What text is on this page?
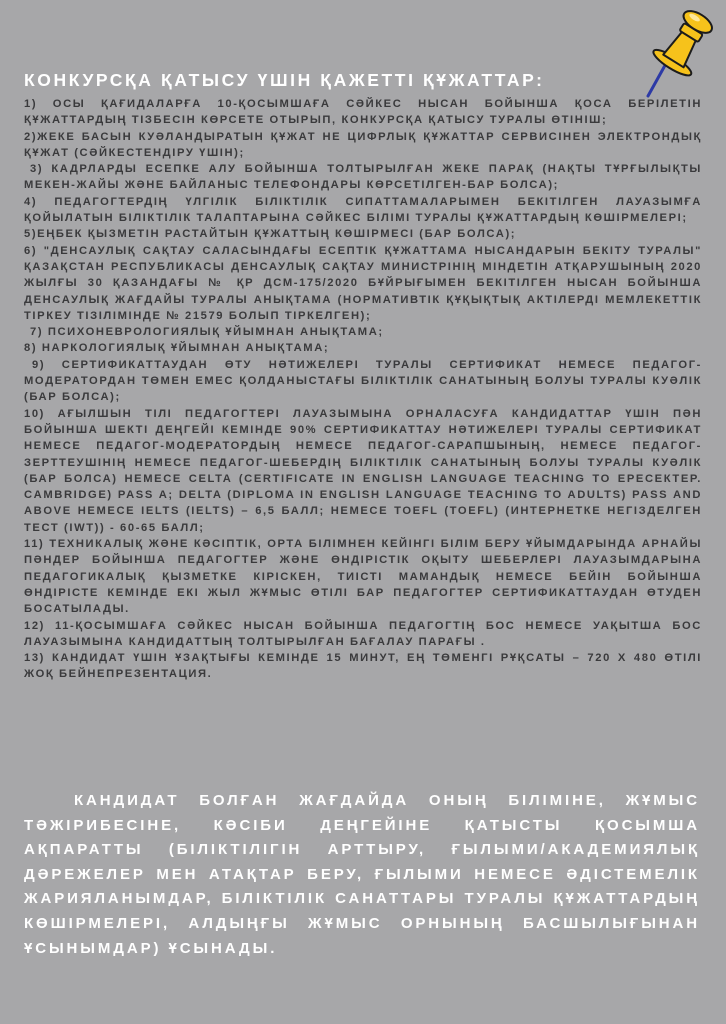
КОНКУРСҚА ҚАТЫСУ ҮШІН ҚАЖЕТТІ ҚҰЖАТТАР:

1) ОСЫ ҚАҒИДАЛАРҒА 10-ҚОСЫМШАҒА СӘЙКЕС НЫСАН БОЙЫНША ҚОСА БЕРІЛЕТІН ҚҰЖАТТАРДЫҢ ТІЗБЕСІН КӨРСЕТЕ ОТЫРЫП, КОНКУРСҚА ҚАТЫСУ ТУРАЛЫ ӨТІНІШ;

2)ЖЕКЕ БАСЫН КУӘЛАНДЫРАТЫН ҚҰЖАТ НЕ ЦИФРЛЫҚ ҚҰЖАТТАР СЕРВИСІНЕН ЭЛЕКТРОНДЫҚ ҚҰЖАТ (СӘЙКЕСТЕНДІРУ ҮШІН);

3) КАДРЛАРДЫ ЕСЕПКЕ АЛУ БОЙЫНША ТОЛТЫРЫЛҒАН ЖЕКЕ ПАРАҚ (НАҚТЫ ТҰРҒЫЛЫҚТЫ МЕКЕН-ЖАЙЫ ЖӘНЕ БАЙЛАНЫС ТЕЛЕФОНДАРЫ КӨРСЕТІЛГЕН-БАР БОЛСА);

4) ПЕДАГОГТЕРДІҢ ҮЛГІЛІК БІЛІКТІЛІК СИПАТТАМАЛАРЫМЕН БЕКІТІЛГЕН ЛАУАЗЫМҒА ҚОЙЫЛАТЫН БІЛІКТІЛІК ТАЛАПТАРЫНА СӘЙКЕС БІЛІМІ ТУРАЛЫ ҚҰЖАТТАРДЫҢ КӨШІРМЕЛЕРІ;

5)ЕҢБЕК ҚЫЗМЕТІН РАСТАЙТЫН ҚҰЖАТТЫҢ КӨШІРМЕСІ (БАР БОЛСА);

6) "ДЕНСАУЛЫҚ САҚТАУ САЛАСЫНДАҒЫ ЕСЕПТІК ҚҰЖАТТАМА НЫСАНДАРЫН БЕКІТУ ТУРАЛЫ" ҚАЗАҚСТАН РЕСПУБЛИКАСЫ ДЕНСАУЛЫҚ САҚТАУ МИНИСТРІНІҢ МІНДЕТІН АТҚАРУШЫНЫҢ 2020 ЖЫЛҒЫ 30 ҚАЗАНДАҒЫ № ҚР ДСМ-175/2020 БҰЙРЫҒЫМЕН БЕКІТІЛГЕН НЫСАН БОЙЫНША ДЕНСАУЛЫҚ ЖАҒДАЙЫ ТУРАЛЫ АНЫҚТАМА (НОРМАТИВТІК ҚҰҚЫҚТЫҚ АКТІЛЕРДІ МЕМЛЕКЕТТІК ТІРКЕУ ТІЗІЛІМІНДЕ № 21579 БОЛЫП ТІРКЕЛГЕН);

7) ПСИХОНЕВРОЛОГИЯЛЫҚ ҰЙЫМНАН АНЫҚТАМА;

8) НАРКОЛОГИЯЛЫҚ ҰЙЫМНАН АНЫҚТАМА;

9) СЕРТИФИКАТТАУДАН ӨТУ НӘТИЖЕЛЕРІ ТУРАЛЫ СЕРТИФИКАТ НЕМЕСЕ ПЕДАГОГ-МОДЕРАТОРДАН ТӨМЕН ЕМЕС ҚОЛДАНЫСТАҒЫ БІЛІКТІЛІК САНАТЫНЫҢ БОЛУЫ ТУРАЛЫ КУӘЛІК (БАР БОЛСА);

10) АҒЫЛШЫН ТІЛІ ПЕДАГОГТЕРІ ЛАУАЗЫМЫНА ОРНАЛАСУҒА КАНДИДАТТАР ҮШІН ПӘН БОЙЫНША ШЕКТІ ДЕҢГЕЙІ КЕМІНДЕ 90% СЕРТИФИКАТТАУ НӘТИЖЕЛЕРІ ТУРАЛЫ СЕРТИФИКАТ НЕМЕСЕ ПЕДАГОГ-МОДЕРАТОРДЫҢ НЕМЕСЕ ПЕДАГОГ-САРАПШЫНЫҢ, НЕМЕСЕ ПЕДАГОГ-ЗЕРТТЕУШІНІҢ НЕМЕСЕ ПЕДАГОГ-ШЕБЕРДІҢ БІЛІКТІЛІК САНАТЫНЫҢ БОЛУЫ ТУРАЛЫ КУӘЛІК (БАР БОЛСА) НЕМЕСЕ CELTA (CERTIFICATE IN ENGLISH LANGUAGE TEACHING TO ЕРЕСЕКТЕР. CAMBRIDGE) PASS A; DELTA (DIPLOMA IN ENGLISH LANGUAGE TEACHING TO ADULTS) PASS AND ABOVE НЕМЕСЕ IELTS (IELTS) – 6,5 БАЛЛ; НЕМЕСЕ TOEFL (TOEFL) (ИНТЕРНЕТКЕ НЕГІЗДЕЛГЕН ТЕСТ (IWT)) - 60-65 БАЛЛ;

11) ТЕХНИКАЛЫҚ ЖӘНЕ КӘСІПТІК, ОРТА БІЛІМНЕН КЕЙІНГІ БІЛІМ БЕРУ ҰЙЫМДАРЫНДА АРНАЙЫ ПӘНДЕР БОЙЫНША ПЕДАГОГТЕР ЖӘНЕ ӨНДІРІСТІК ОҚЫТУ ШЕБЕРЛЕРІ ЛАУАЗЫМДАРЫНА ПЕДАГОГИКАЛЫҚ ҚЫЗМЕТКЕ КІРІСКЕН, ТИІСТІ МАМАНДЫҚ НЕМЕСЕ БЕЙІН БОЙЫНША ӨНДІРІСТЕ КЕМІНДЕ ЕКІ ЖЫЛ ЖҰМЫС ӨТІЛІ БАР ПЕДАГОГТЕР СЕРТИФИКАТТАУДАН ӨТУДЕН БОСАТЫЛАДЫ.

12) 11-ҚОСЫМШАҒА СӘЙКЕС НЫСАН БОЙЫНША ПЕДАГОГТІҢ БОС НЕМЕСЕ УАҚЫТША БОС ЛАУАЗЫМЫНА КАНДИДАТТЫҢ ТОЛТЫРЫЛҒАН БАҒАЛАУ ПАРАҒЫ .

13) КАНДИДАТ ҮШІН ҰЗАҚТЫҒЫ КЕМІНДЕ 15 МИНУТ, ЕҢ ТӨМЕНГІ РҰҚСАТЫ – 720 Х 480 ӨТІЛІ ЖОҚ БЕЙНЕПРЕЗЕНТАЦИЯ.

КАНДИДАТ БОЛҒАН ЖАҒДАЙДА ОНЫҢ БІЛІМІНЕ, ЖҰМЫС ТӘЖІРИБЕСІНЕ, КӘСІБИ ДЕҢГЕЙІНЕ ҚАТЫСТЫ ҚОСЫМША АҚПАРАТТЫ (БІЛІКТІЛІГІН АРТТЫРУ, ҒЫЛЫМИ/АКАДЕМИЯЛЫҚ ДӘРЕЖЕЛЕР МЕН АТАҚТАР БЕРУ, ҒЫЛЫМИ НЕМЕСЕ ӘДІСТЕМЕЛІК ЖАРИЯЛАНЫМДАР, БІЛІКТІЛІК САНАТТАРЫ ТУРАЛЫ ҚҰЖАТТАРДЫҢ КӨШІРМЕЛЕРІ, АЛДЫҢҒЫ ЖҰМЫС ОРНЫНЫҢ БАСШЫЛЫҒЫНАН ҰСЫНЫМДАР) ҰСЫНАДЫ.
